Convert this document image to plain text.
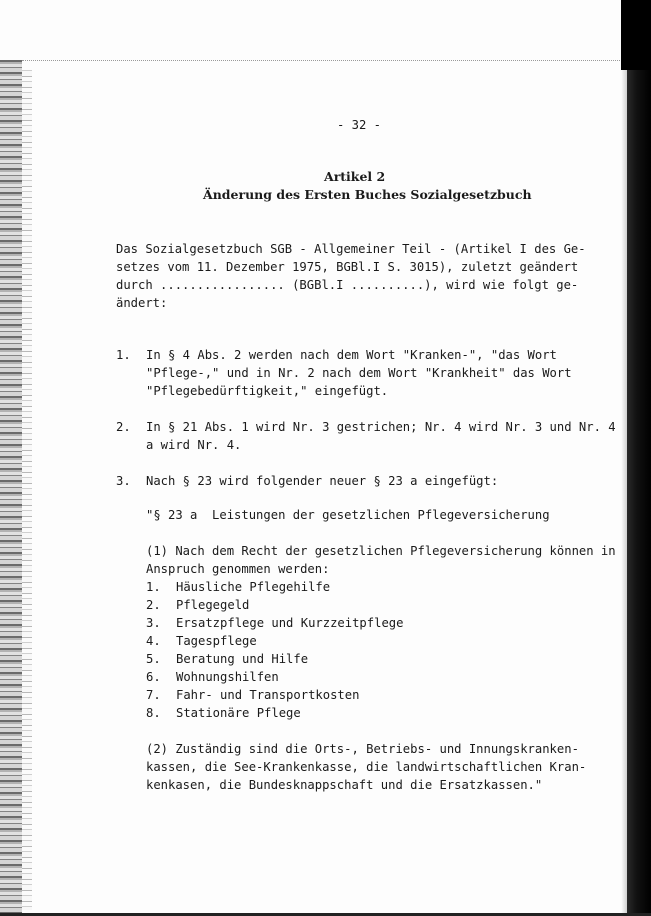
- 32 -
Artikel 2
Änderung des Ersten Buches Sozialgesetzbuch
Das Sozialgesetzbuch SGB - Allgemeiner Teil - (Artikel I des Ge-
setzes vom 11. Dezember 1975, BGBl.I S. 3015), zuletzt geändert
durch ................. (BGBl.I ..........), wird wie folgt ge-
ändert:
1. In § 4 Abs. 2 werden nach dem Wort "Kranken-", "das Wort
"Pflege-," und in Nr. 2 nach dem Wort "Krankheit" das Wort
"Pflegebedürftigkeit," eingefügt.
2. In § 21 Abs. 1 wird Nr. 3 gestrichen; Nr. 4 wird Nr. 3 und Nr. 4
a wird Nr. 4.
3. Nach § 23 wird folgender neuer § 23 a eingefügt:
"§ 23 a  Leistungen der gesetzlichen Pflegeversicherung
(1) Nach dem Recht der gesetzlichen Pflegeversicherung können in
Anspruch genommen werden:
1. Häusliche Pflegehilfe
2. Pflegegeld
3. Ersatzpflege und Kurzzeitpflege
4. Tagespflege
5. Beratung und Hilfe
6. Wohnungshilfen
7. Fahr- und Transportkosten
8. Stationäre Pflege
(2) Zuständig sind die Orts-, Betriebs- und Innungskranken-
kassen, die See-Krankenkasse, die landwirtschaftlichen Kran-
kenkasen, die Bundesknappschaft und die Ersatzkassen."
